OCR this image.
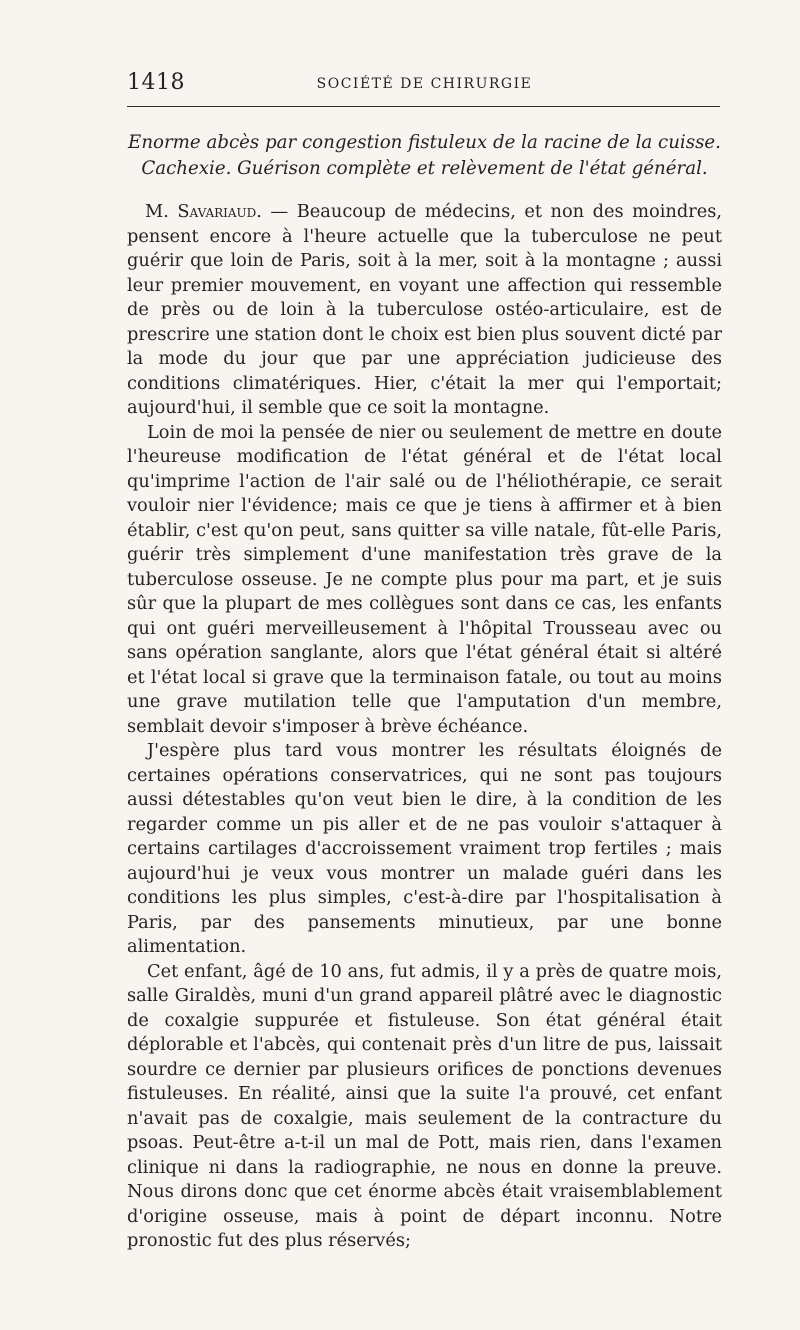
1418	SOCIÉTÉ DE CHIRURGIE
Enorme abcès par congestion fistuleux de la racine de la cuisse.
Cachexie. Guérison complète et relèvement de l'état général.

M. Savariaud. — Beaucoup de médecins, et non des moindres, pensent encore à l'heure actuelle que la tuberculose ne peut guérir que loin de Paris, soit à la mer, soit à la montagne ; aussi leur premier mouvement, en voyant une affection qui ressemble de près ou de loin à la tuberculose ostéo-articulaire, est de prescrire une station dont le choix est bien plus souvent dicté par la mode du jour que par une appréciation judicieuse des conditions climatériques. Hier, c'était la mer qui l'emportait; aujourd'hui, il semble que ce soit la montagne.

Loin de moi la pensée de nier ou seulement de mettre en doute l'heureuse modification de l'état général et de l'état local qu'imprime l'action de l'air salé ou de l'héliothérapie, ce serait vouloir nier l'évidence; mais ce que je tiens à affirmer et à bien établir, c'est qu'on peut, sans quitter sa ville natale, fût-elle Paris, guérir très simplement d'une manifestation très grave de la tuberculose osseuse. Je ne compte plus pour ma part, et je suis sûr que la plupart de mes collègues sont dans ce cas, les enfants qui ont guéri merveilleusement à l'hôpital Trousseau avec ou sans opération sanglante, alors que l'état général était si altéré et l'état local si grave que la terminaison fatale, ou tout au moins une grave mutilation telle que l'amputation d'un membre, semblait devoir s'imposer à brève échéance.

J'espère plus tard vous montrer les résultats éloignés de certaines opérations conservatrices, qui ne sont pas toujours aussi détestables qu'on veut bien le dire, à la condition de les regarder comme un pis aller et de ne pas vouloir s'attaquer à certains cartilages d'accroissement vraiment trop fertiles ; mais aujourd'hui je veux vous montrer un malade guéri dans les conditions les plus simples, c'est-à-dire par l'hospitalisation à Paris, par des pansements minutieux, par une bonne alimentation.

Cet enfant, âgé de 10 ans, fut admis, il y a près de quatre mois, salle Giraldès, muni d'un grand appareil plâtré avec le diagnostic de coxalgie suppurée et fistuleuse. Son état général était déplorable et l'abcès, qui contenait près d'un litre de pus, laissait sourdre ce dernier par plusieurs orifices de ponctions devenues fistuleuses. En réalité, ainsi que la suite l'a prouvé, cet enfant n'avait pas de coxalgie, mais seulement de la contracture du psoas. Peut-être a-t-il un mal de Pott, mais rien, dans l'examen clinique ni dans la radiographie, ne nous en donne la preuve. Nous dirons donc que cet énorme abcès était vraisemblablement d'origine osseuse, mais à point de départ inconnu. Notre pronostic fut des plus réservés;
